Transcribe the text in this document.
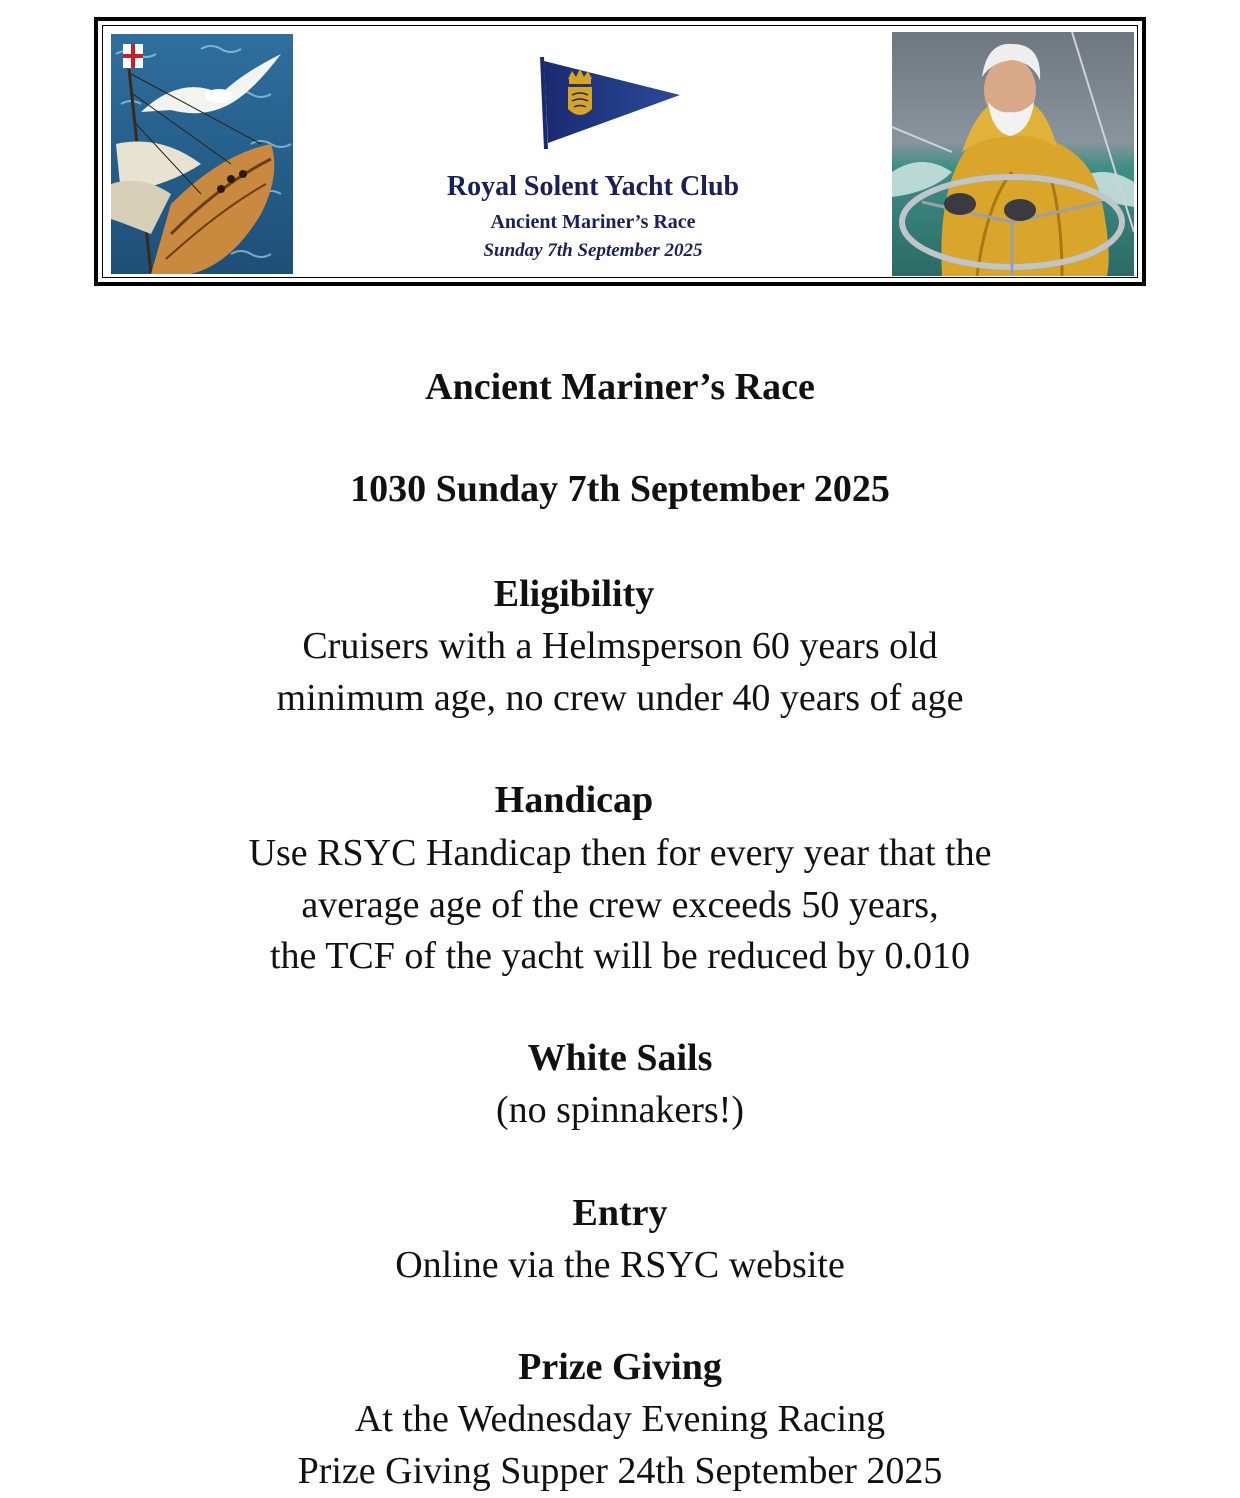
Royal Solent Yacht Club
Ancient Mariner’s Race
Sunday 7th September 2025
Ancient Mariner’s Race
1030 Sunday 7th September 2025
Eligibility
Cruisers with a Helmsperson 60 years old
minimum age, no crew under 40 years of age
Handicap
Use RSYC Handicap then for every year that the
average age of the crew exceeds 50 years,
the TCF of the yacht will be reduced by 0.010
White Sails
(no spinnakers!)
Entry
Online via the RSYC website
Prize Giving
At the Wednesday Evening Racing
Prize Giving Supper 24th September 2025
